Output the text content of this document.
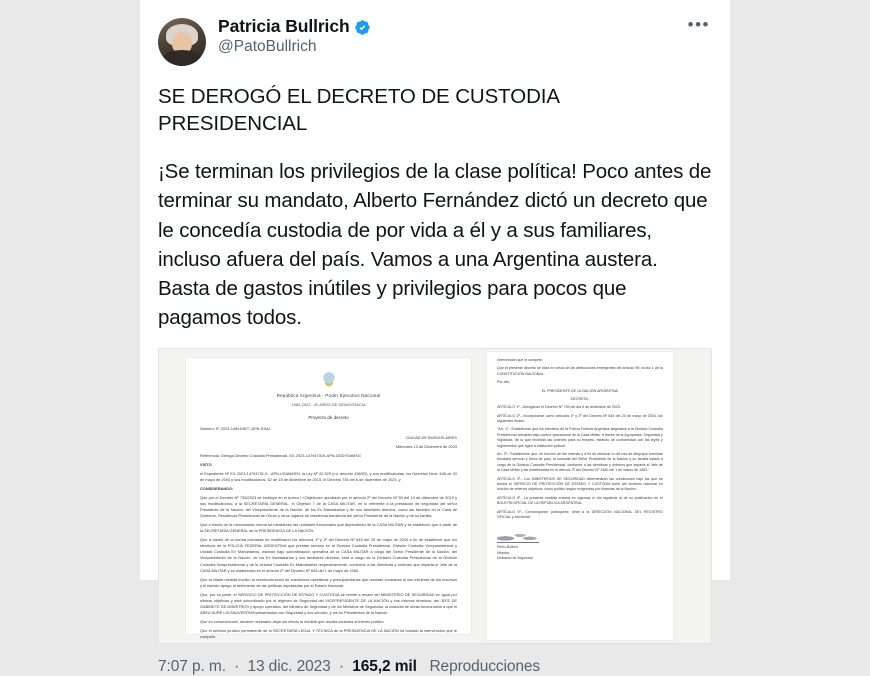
Patricia Bullrich
@PatoBullrich
•••
SE DEROGÓ EL DECRETO DE CUSTODIA PRESIDENCIAL
¡Se terminan los privilegios de la clase política! Poco antes de terminar su mandato, Alberto Fernández dictó un decreto que le concedía custodia de por vida a él y a sus familiares, incluso afuera del país. Vamos a una Argentina austera. Basta de gastos inútiles y privilegios para pocos que pagamos todos.
República Argentina - Poder Ejecutivo Nacional
1983-2023 - 40 AÑOS DE DEMOCRACIA
Proyecto de decreto
Número: IF-2023-149415877-APN-SSAJ
CIUDAD DE BUENOS AIRES
Miércoles 13 de Diciembre de 2023
Referencia: Deroga Decreto Custodia Presidencial. EX-2023-147947319-APN-DGDYD#MSG
VISTO
el Expediente Nº EX-2023-14794731-9 - APN-USAM#SSI, la Ley Nº 22.520 (t.o. decreto 438/92), y sus modificatorias, los Decretos Nros. 645 de 20 de mayo de 2004 y sus modificatorios, 52 de 15 de diciembre de 2015, el Decreto 735 del 6 de diciembre de 2023, y
CONSIDERANDO:
Que por el Decreto Nº 735/2023 se instituyó en el Anexo I «Objetivos» aprobado por el artículo 2º del Decreto Nº 50 del 19 de diciembre de 2019 y sus modificatorios, a la SECRETARÍA GENERAL, el Objetivo 7 de la CASA MILITAR, en lo referente a la prestación de seguridad del señor Presidente de la Nación, del Vicepresidente de la Nación, de los Ex Mandatarios y de sus familiares directos, como así también en la Casa de Gobierno, Residencia Presidencial de Olivos y otros lugares de residencia transitoria del señor Presidente de la Nación y de su familia.
Que a través de la mencionada norma se establecen las unidades funcionales que dependerán de la CASA MILITAR y se estableció que a partir de la SECRETARÍA GENERAL de la PRESIDENCIA DE LA NACIÓN.
Que a través de la norma precitada se modificaron los artículos 1º y 2º del Decreto Nº 645 del 20 de mayo de 2004 a fin de establecer que los efectivos de la POLICÍA FEDERAL ARGENTINA que prestan servicio en la División Custodia Presidencial, División Custodia Vicepresidencial y Unidad Custodia Ex Mandatarios, estarán bajo subordinación operativa de la CASA MILITAR a cargo del Señor Presidente de la Nación, del Vicepresidente de la Nación, de los Ex Mandatarios y sus familiares directos, está a cargo de la División Custodia Presidencial de la División Custodia Vicepresidencial y de la Unidad Custodia Ex Mandatarios respectivamente, conforme a las directivas y órdenes que imparta el Jefe de la CASA MILITAR y se establecida en el artículo 2º del Decreto Nº 645 del 1 de mayo de 1983.
Que la citada medida implicó la reestructuración de cuestiones operativas y presupuestarias que resultan contrarias al uso eficiente de los recursos y el estricto apego al detrimento de las políticas impulsadas por el Estado Nacional.
Que, por su parte, el SERVICIO DE PROTECCIÓN DE ESTADO Y CUSTODIA se remite a recaer del MINISTERIO DE SEGURIDAD en igual por ultimas objetivas y está subordinado por el régimen de Seguridad del VICEPRESIDENTE DE LA NACIÓN y sus mismos términos, del JEFE DE GABINETE DE MINISTROS y apoyo operativo, del Ministro de Seguridad y de los Ministros de Seguridad, la custodia de obras funcionarios a que el ÁREA SURÉ LIA SAUVERÓNS/presentados con Seguridad y sus servicio, y los ex Presidentes de la Nación.
Que en consecuencia, deviene necesario dejar sin efecto la medida que resulta contraria al interés público.
Que el servicio jurídico permanente de la SECRETARÍA LEGAL Y TÉCNICA de la PRESIDENCIA DE LA NACIÓN ha tomado la intervención que le compete.
intervención que le compete.
Que el presente decreto se dicta en virtud de las atribuciones emergentes del artículo 99, inciso 1 de la CONSTITUCIÓN NACIONAL.
Por ello,
EL PRESIDENTE DE LA NACIÓN ARGENTINA
DECRETA:
ARTÍCULO 1º.- Deróganse el Decreto Nº 735 del día 6 de diciembre de 2023.
ARTÍCULO 2º.- Incorpóranse como artículos 1º y 2º del Decreto Nº 645 del 20 de mayo de 2004, los siguientes textos:
"Art. 1º.- Establécese que los efectivos de la Policía Federal Argentina asignados a la División Custodia Presidencial actuarán bajo control operacional de la Casa Militar, a través de la Agrupación Seguridad y Vigilancia, de la que recibirán las órdenes para su empleo, estando de conformidad con las leyes y reglamentos que rigen a institución policial.
Art. 2º.- Establécese que, en función de las mismas y a fin de efectuar lo del uso de despojos mientras brindaba servicio y fuera de país, la custodia del Señor Presidente de la Nación y su familia estará a cargo de la División Custodia Presidencial, conforme a las directivas y órdenes que imparta el Jefe de la Casa Militar y las establecidas en el artículo 2º del Decreto Nº 2480 del 1 de marzo de 1983."
ARTÍCULO 3º.- Los MINISTERIOS DE SEGURIDAD determinarán las condiciones bajo las que se tendrá el SERVICIO DE PROTECCIÓN DE ESTADO Y CUSTODIA fuere del territorio nacional en función de criterios objetivos, costo político según exigencias por finanzas de la Nación.
ARTÍCULO 4º.- La presente medida entrará en vigencia el día siguiente al de su publicación en el BOLETÍN OFICIAL DE LA REPÚBLICA ARGENTINA.
ARTÍCULO 5º.- Comuníquese, publíquese, dese a la DIRECCIÓN NACIONAL DEL REGISTRO OFICIAL y archívese.
Pérez Bullrich
Ministra
Ministerio de Seguridad
7:07 p. m. · 13 dic. 2023 · 165,2 mil Reproducciones
